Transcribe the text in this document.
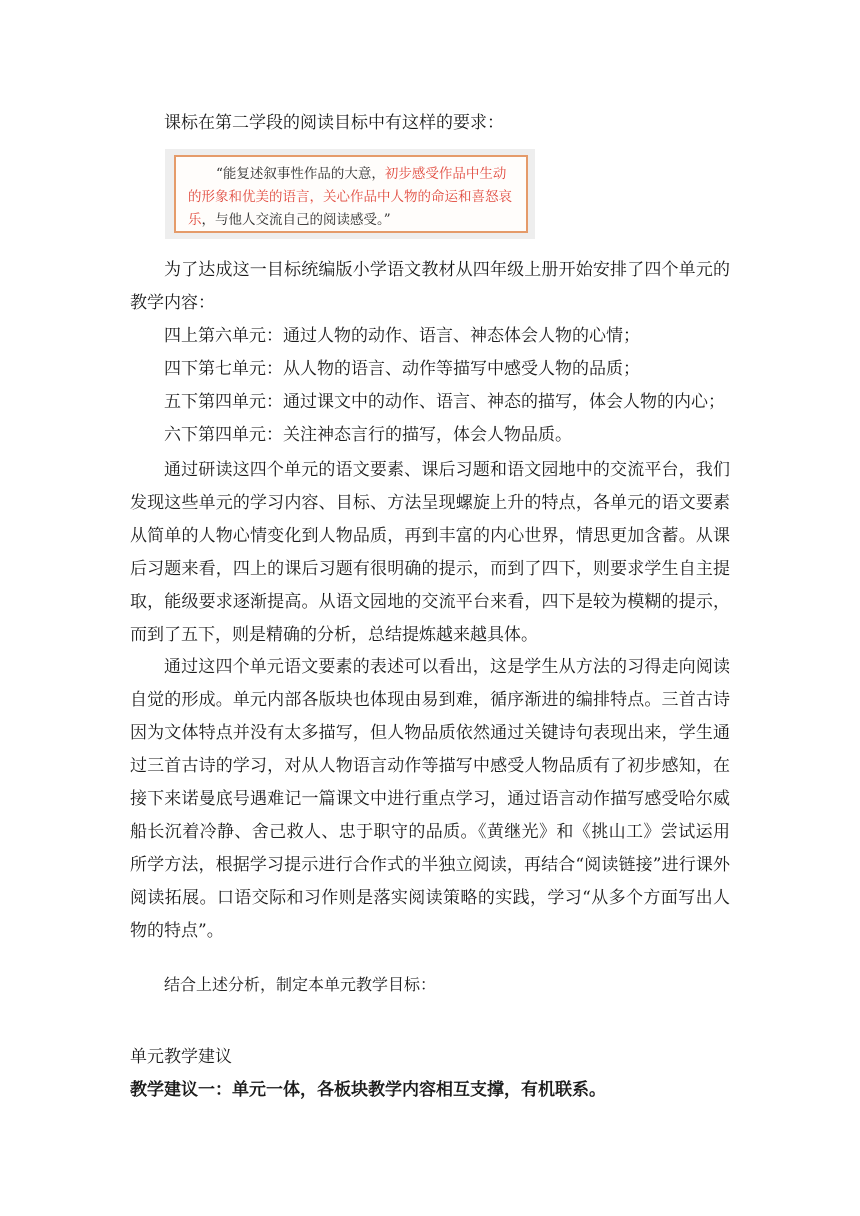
课标在第二学段的阅读目标中有这样的要求：

“能复述叙事性作品的大意，初步感受作品中生动的形象和优美的语言，关心作品中人物的命运和喜怒哀乐，与他人交流自己的阅读感受。”

为了达成这一目标统编版小学语文教材从四年级上册开始安排了四个单元的教学内容：

四上第六单元：通过人物的动作、语言、神态体会人物的心情；

四下第七单元：从人物的语言、动作等描写中感受人物的品质；

五下第四单元：通过课文中的动作、语言、神态的描写，体会人物的内心；

六下第四单元：关注神态言行的描写，体会人物品质。

通过研读这四个单元的语文要素、课后习题和语文园地中的交流平台，我们发现这些单元的学习内容、目标、方法呈现螺旋上升的特点，各单元的语文要素从简单的人物心情变化到人物品质，再到丰富的内心世界，情思更加含蓄。从课后习题来看，四上的课后习题有很明确的提示，而到了四下，则要求学生自主提取，能级要求逐渐提高。从语文园地的交流平台来看，四下是较为模糊的提示，而到了五下，则是精确的分析，总结提炼越来越具体。

通过这四个单元语文要素的表述可以看出，这是学生从方法的习得走向阅读自觉的形成。单元内部各版块也体现由易到难，循序渐进的编排特点。三首古诗因为文体特点并没有太多描写，但人物品质依然通过关键诗句表现出来，学生通过三首古诗的学习，对从人物语言动作等描写中感受人物品质有了初步感知，在接下来诺曼底号遇难记一篇课文中进行重点学习，通过语言动作描写感受哈尔威船长沉着冷静、舍己救人、忠于职守的品质。《黄继光》和《挑山工》尝试运用所学方法，根据学习提示进行合作式的半独立阅读，再结合“阅读链接”进行课外阅读拓展。口语交际和习作则是落实阅读策略的实践，学习“从多个方面写出人物的特点”。

结合上述分析，制定本单元教学目标：

单元教学建议

教学建议一：单元一体，各板块教学内容相互支撑，有机联系。
